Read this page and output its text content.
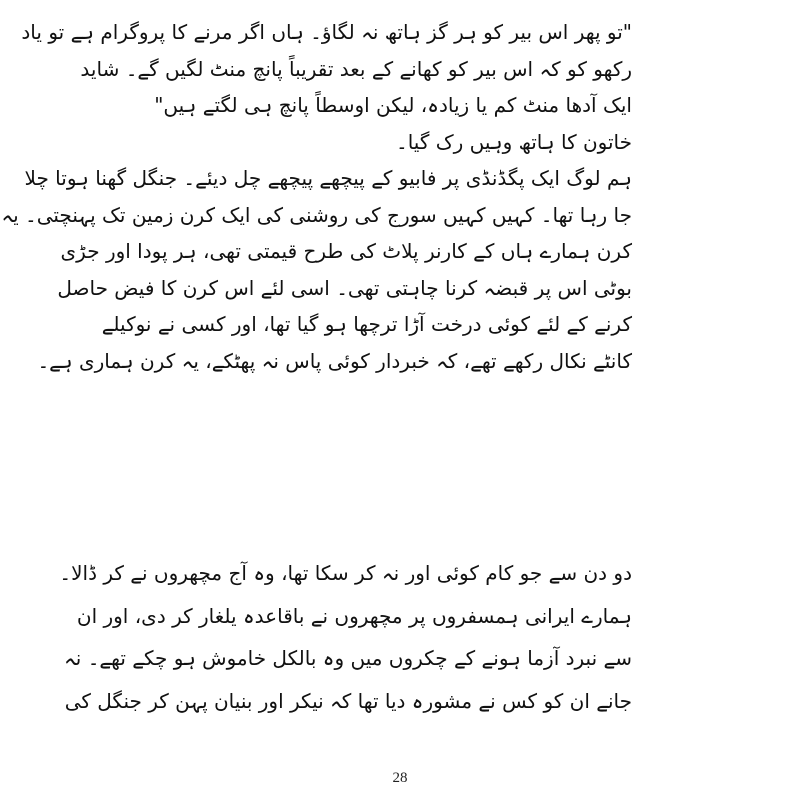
"تو پھر اس بیر کو ہر گز ہاتھ نہ لگاؤ۔ ہاں اگر مرنے کا پروگرام ہے تو یاد
رکھو کو کہ اس بیر کو کھانے کے بعد تقریباً پانچ منٹ لگیں گے۔ شاید
ایک آدھا منٹ کم یا زیادہ، لیکن اوسطاً پانچ ہی لگتے ہیں"
خاتون کا ہاتھ وہیں رک گیا۔
ہم لوگ ایک پگڈنڈی پر فابیو کے پیچھے پیچھے چل دیئے۔ جنگل گھنا ہوتا چلا
جا رہا تھا۔ کہیں کہیں سورج کی روشنی کی ایک کرن زمین تک پہنچتی۔ یہ
کرن ہمارے ہاں کے کارنر پلاٹ کی طرح قیمتی تھی، ہر پودا اور جڑی
بوٹی اس پر قبضہ کرنا چاہتی تھی۔ اسی لئے اس کرن کا فیض حاصل
کرنے کے لئے کوئی درخت آڑا ترچھا ہو گیا تھا، اور کسی نے نوکیلے
کانٹے نکال رکھے تھے، کہ خبردار کوئی پاس نہ پھٹکے، یہ کرن ہماری ہے۔
دو دن سے جو کام کوئی اور نہ کر سکا تھا، وہ آج مچھروں نے کر ڈالا۔
ہمارے ایرانی ہمسفروں پر مچھروں نے باقاعدہ یلغار کر دی، اور ان
سے نبرد آزما ہونے کے چکروں میں وہ بالکل خاموش ہو چکے تھے۔ نہ
جانے ان کو کس نے مشورہ دیا تھا کہ نیکر اور بنیان پہن کر جنگل کی
28
